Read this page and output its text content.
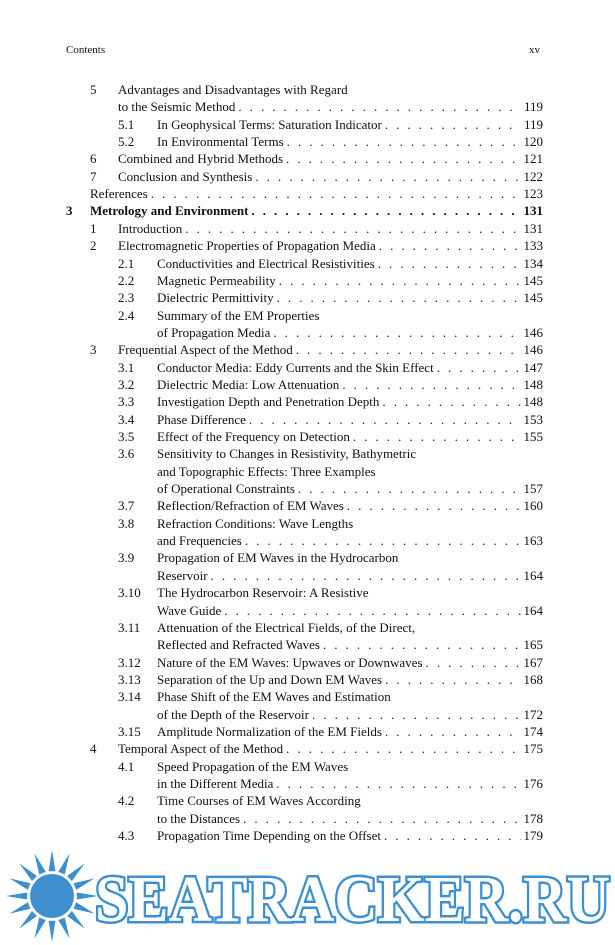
Contents	xv
5 Advantages and Disadvantages with Regard
to the Seismic Method . . .	119
5.1 In Geophysical Terms: Saturation Indicator . . .	119
5.2 In Environmental Terms . . .	120
6 Combined and Hybrid Methods . . .	121
7 Conclusion and Synthesis . . .	122
References . . .	123
3 Metrology and Environment . . .	131
1 Introduction . . .	131
2 Electromagnetic Properties of Propagation Media . . .	133
2.1 Conductivities and Electrical Resistivities . . .	134
2.2 Magnetic Permeability . . .	145
2.3 Dielectric Permittivity . . .	145
2.4 Summary of the EM Properties
of Propagation Media . . .	146
3 Frequential Aspect of the Method . . .	146
3.1 Conductor Media: Eddy Currents and the Skin Effect . . .	147
3.2 Dielectric Media: Low Attenuation . . .	148
3.3 Investigation Depth and Penetration Depth . . .	148
3.4 Phase Difference . . .	153
3.5 Effect of the Frequency on Detection . . .	155
3.6 Sensitivity to Changes in Resistivity, Bathymetric
and Topographic Effects: Three Examples
of Operational Constraints . . .	157
3.7 Reflection/Refraction of EM Waves . . .	160
3.8 Refraction Conditions: Wave Lengths
and Frequencies . . .	163
3.9 Propagation of EM Waves in the Hydrocarbon
Reservoir . . .	164
3.10 The Hydrocarbon Reservoir: A Resistive
Wave Guide . . .	164
3.11 Attenuation of the Electrical Fields, of the Direct,
Reflected and Refracted Waves . . .	165
3.12 Nature of the EM Waves: Upwaves or Downwaves . . .	167
3.13 Separation of the Up and Down EM Waves . . .	168
3.14 Phase Shift of the EM Waves and Estimation
of the Depth of the Reservoir . . .	172
3.15 Amplitude Normalization of the EM Fields . . .	174
4 Temporal Aspect of the Method . . .	175
4.1 Speed Propagation of the EM Waves
in the Different Media . . .	176
4.2 Time Courses of EM Waves According
to the Distances . . .	178
4.3 Propagation Time Depending on the Offset . . .	179
SEATRACKER.RU
